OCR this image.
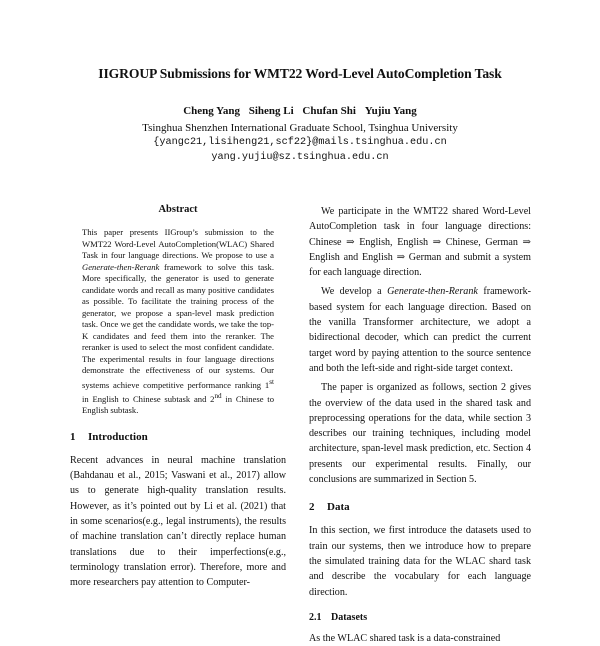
IIGROUP Submissions for WMT22 Word-Level AutoCompletion Task
Cheng Yang Siheng Li Chufan Shi Yujiu Yang
Tsinghua Shenzhen International Graduate School, Tsinghua University
{yangc21,lisiheng21,scf22}@mails.tsinghua.edu.cn
yang.yujiu@sz.tsinghua.edu.cn
Abstract

This paper presents IIGroup’s submission to the WMT22 Word-Level AutoCompletion(WLAC) Shared Task in four language directions. We propose to use a Generate-then-Rerank framework to solve this task. More specifically, the generator is used to generate candidate words and recall as many positive candidates as possible. To facilitate the training process of the generator, we propose a span-level mask prediction task. Once we get the candidate words, we take the top-K candidates and feed them into the reranker. The reranker is used to select the most confident candidate. The experimental results in four language directions demonstrate the effectiveness of our systems. Our systems achieve competitive performance ranking 1st in English to Chinese subtask and 2nd in Chinese to English subtask.

1	Introduction

Recent advances in neural machine translation (Bahdanau et al., 2015; Vaswani et al., 2017) allow us to generate high-quality translation results. However, as it’s pointed out by Li et al. (2021) that in some scenarios(e.g., legal instruments), the results of machine translation can’t directly replace human translations due to their imperfections(e.g., terminology translation error). Therefore, more and more researchers pay attention to Computer-

We participate in the WMT22 shared Word-Level AutoCompletion task in four language directions: Chinese ⇒ English, English ⇒ Chinese, German ⇒ English and English ⇒ German and submit a system for each language direction.

We develop a Generate-then-Rerank framework-based system for each language direction. Based on the vanilla Transformer architecture, we adopt a bidirectional decoder, which can predict the current target word by paying attention to the source sentence and both the left-side and right-side target context.

The paper is organized as follows, section 2 gives the overview of the data used in the shared task and preprocessing operations for the data, while section 3 describes our training techniques, including model architecture, span-level mask prediction, etc. Section 4 presents our experimental results. Finally, our conclusions are summarized in Section 5.

2	Data

In this section, we first introduce the datasets used to train our systems, then we introduce how to prepare the simulated training data for the WLAC shard task and describe the vocabulary for each language direction.

2.1 Datasets

As the WLAC shared task is a data-constrained
